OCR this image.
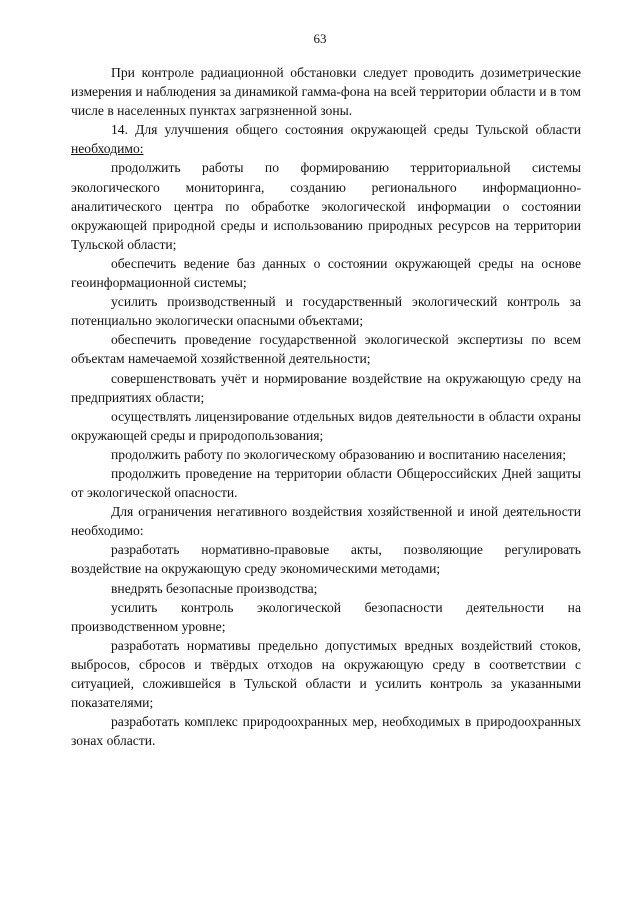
63

При контроле радиационной обстановки следует проводить дозиметрические измерения и наблюдения за динамикой гамма-фона на всей территории области и в том числе в населенных пунктах загрязненной зоны.

14. Для улучшения общего состояния окружающей среды Тульской области необходимо:

продолжить работы по формированию территориальной системы экологического мониторинга, созданию регионального информационно-аналитического центра по обработке экологической информации о состоянии окружающей природной среды и использованию природных ресурсов на территории Тульской области;

обеспечить ведение баз данных о состоянии окружающей среды на основе геоинформационной системы;

усилить производственный и государственный экологический контроль за потенциально экологически опасными объектами;

обеспечить проведение государственной экологической экспертизы по всем объектам намечаемой хозяйственной деятельности;

совершенствовать учёт и нормирование воздействие на окружающую среду на предприятиях области;

осуществлять лицензирование отдельных видов деятельности в области охраны окружающей среды и природопользования;

продолжить работу по экологическому образованию и воспитанию населения;

продолжить проведение на территории области Общероссийских Дней защиты от экологической опасности.

Для ограничения негативного воздействия хозяйственной и иной деятельности необходимо:

разработать нормативно-правовые акты, позволяющие регулировать воздействие на окружающую среду экономическими методами;

внедрять безопасные производства;

усилить контроль экологической безопасности деятельности на производственном уровне;

разработать нормативы предельно допустимых вредных воздействий стоков, выбросов, сбросов и твёрдых отходов на окружающую среду в соответствии с ситуацией, сложившейся в Тульской области и усилить контроль за указанными показателями;

разработать комплекс природоохранных мер, необходимых в природоохранных зонах области.
